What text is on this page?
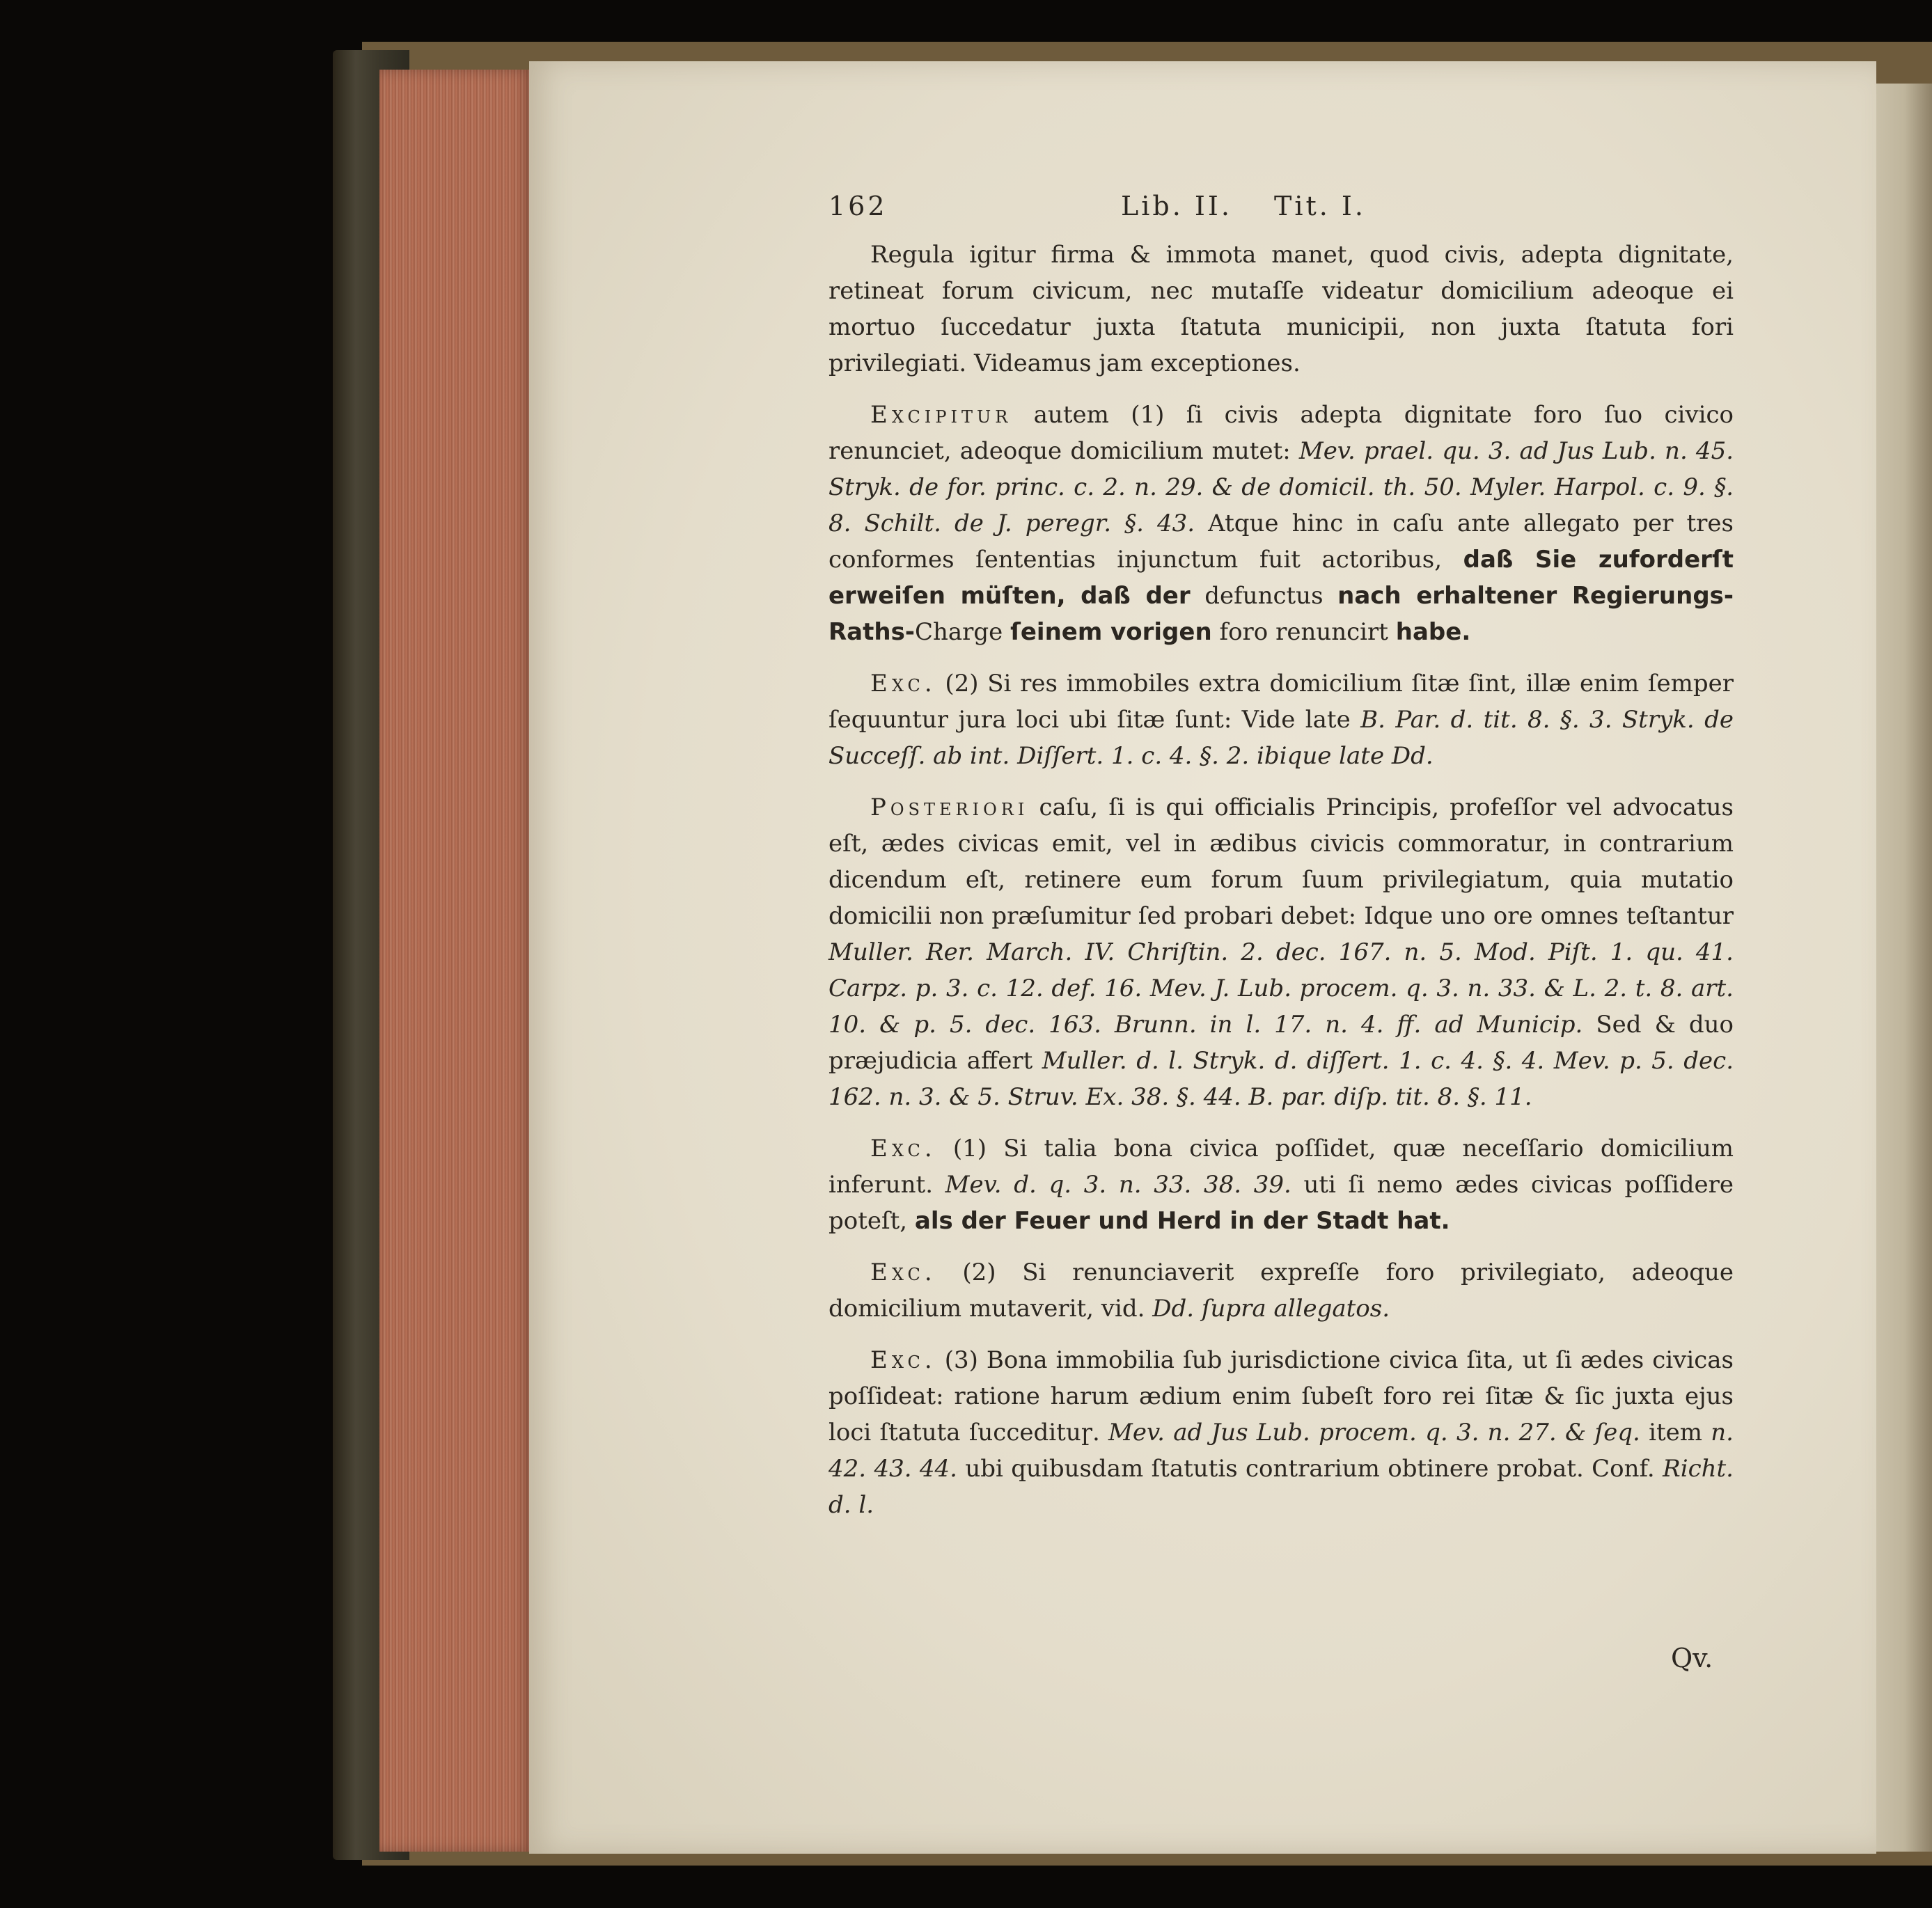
162	Lib. II. Tit. I.

Regula igitur firma & immota manet, quod civis, adepta dignitate, retineat forum civicum, nec mutaſſe videatur domicilium adeoque ei mortuo ſuccedatur juxta ſtatuta municipii, non juxta ſtatuta fori privilegiati. Videamus jam exceptiones.

Excipitur autem (1) ſi civis adepta dignitate foro ſuo civico renunciet, adeoque domicilium mutet: Mev. prael. qu. 3. ad Jus Lub. n. 45. Stryk. de for. princ. c. 2. n. 29. & de domicil. th. 50. Myler. Harpol. c. 9. §. 8. Schilt. de J. peregr. §. 43. Atque hinc in caſu ante allegato per tres conformes ſententias injunctum fuit actoribus, daß Sie zuforderſt erweiſen müſten, daß der defunctus nach erhaltener Regierungs-Raths-Charge ſeinem vorigen foro renuncirt habe.

Exc. (2) Si res immobiles extra domicilium ſitæ ſint, illæ enim ſemper ſequuntur jura loci ubi ſitæ ſunt: Vide late B. Par. d. tit. 8. §. 3. Stryk. de Succeſſ. ab int. Diſſert. 1. c. 4. §. 2. ibique late Dd.

Posteriori caſu, ſi is qui officialis Principis, profeſſor vel advocatus eſt, ædes civicas emit, vel in ædibus civicis commoratur, in contrarium dicendum eſt, retinere eum forum ſuum privilegiatum, quia mutatio domicilii non præſumitur ſed probari debet: Idque uno ore omnes teſtantur Muller. Rer. March. IV. Chriſtin. 2. dec. 167. n. 5. Mod. Piſt. 1. qu. 41. Carpz. p. 3. c. 12. def. 16. Mev. J. Lub. procem. q. 3. n. 33. & L. 2. t. 8. art. 10. & p. 5. dec. 163. Brunn. in l. 17. n. 4. ff. ad Municip. Sed & duo præjudicia affert Muller. d. l. Stryk. d. diſſert. 1. c. 4. §. 4. Mev. p. 5. dec. 162. n. 3. & 5. Struv. Ex. 38. §. 44. B. par. diſp. tit. 8. §. 11.

Exc. (1) Si talia bona civica poſſidet, quæ neceſſario domicilium inferunt. Mev. d. q. 3. n. 33. 38. 39. uti ſi nemo ædes civicas poſſidere poteſt, als der Feuer und Herd in der Stadt hat.

Exc. (2) Si renunciaverit expreſſe foro privilegiato, adeoque domicilium mutaverit, vid. Dd. ſupra allegatos.

Exc. (3) Bona immobilia ſub jurisdictione civica ſita, ut ſi ædes civicas poſſideat: ratione harum ædium enim ſubeſt foro rei ſitæ & ſic juxta ejus loci ſtatuta ſuccedituɼ. Mev. ad Jus Lub. procem. q. 3. n. 27. & ſeq. item n. 42. 43. 44. ubi quibusdam ſtatutis contrarium obtinere probat. Conf. Richt. d. l.

Qv.
